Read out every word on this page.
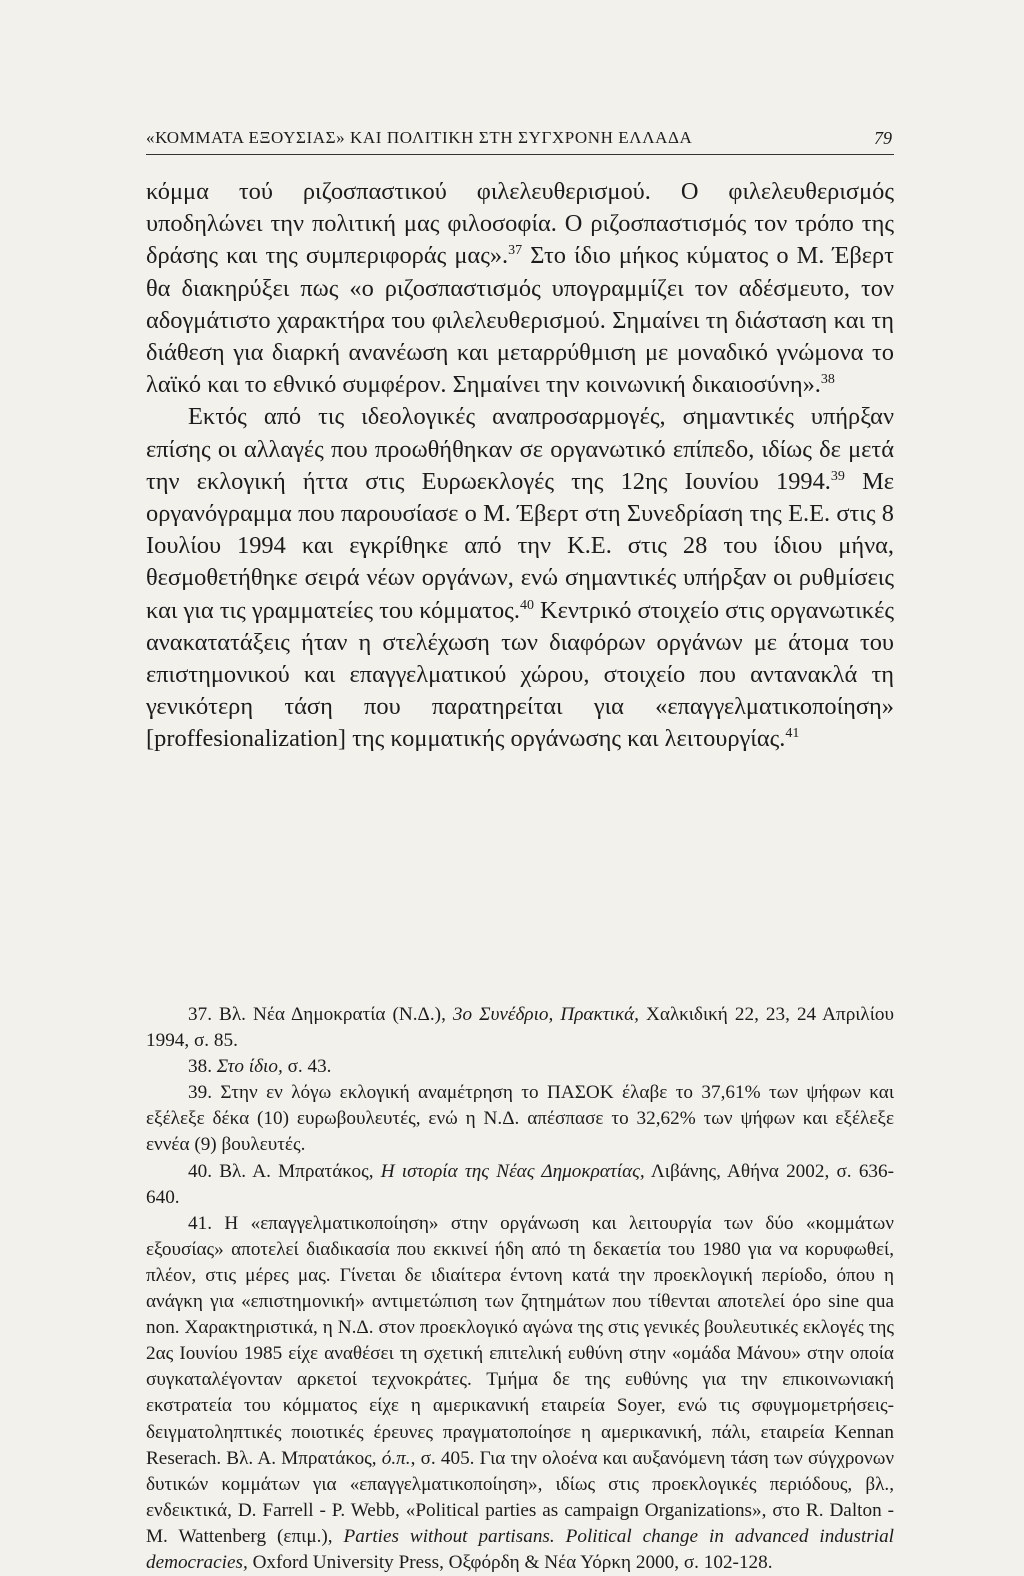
«ΚΟΜΜΑΤΑ ΕΞΟΥΣΙΑΣ» ΚΑΙ ΠΟΛΙΤΙΚΗ ΣΤΗ ΣΥΓΧΡΟΝΗ ΕΛΛΑΔΑ	79

κόμμα τού ριζοσπαστικού φιλελευθερισμού. Ο φιλελευθερισμός υποδηλώνει την πολιτική μας φιλοσοφία. Ο ριζοσπαστισμός τον τρόπο της δράσης και της συμπεριφοράς μας».$^{37}$ Στο ίδιο μήκος κύματος ο Μ. Έβερτ θα διακηρύξει πως «ο ριζοσπαστισμός υπογραμμίζει τον αδέσμευτο, τον αδογμάτιστο χαρακτήρα του φιλελευθερισμού. Σημαίνει τη διάσταση και τη διάθεση για διαρκή ανανέωση και μεταρρύθμιση με μοναδικό γνώμονα το λαϊκό και το εθνικό συμφέρον. Σημαίνει την κοινωνική δικαιοσύνη».$^{38}$

Εκτός από τις ιδεολογικές αναπροσαρμογές, σημαντικές υπήρξαν επίσης οι αλλαγές που προωθήθηκαν σε οργανωτικό επίπεδο, ιδίως δε μετά την εκλογική ήττα στις Ευρωεκλογές της 12ης Ιουνίου 1994.39 Με οργανόγραμμα που παρουσίασε ο Μ. Έβερτ στη Συνεδρίαση της Ε.Ε. στις 8 Ιουλίου 1994 και εγκρίθηκε από την Κ.Ε. στις 28 του ίδιου μήνα, θεσμοθετήθηκε σειρά νέων οργάνων, ενώ σημαντικές υπήρξαν οι ρυθμίσεις και για τις γραμματείες του κόμματος.$^{40}$ Κεντρικό στοιχείο στις οργανωτικές ανακατατάξεις ήταν η στελέχωση των διαφόρων οργάνων με άτομα του επιστημονικού και επαγγελματικού χώρου, στοιχείο που αντανακλά τη γενικότερη τάση που παρατηρείται για «επαγγελματικοποίηση» [proffesionalization] της κομματικής οργάνωσης και λειτουργίας.$^{41}$

37. Βλ. Νέα Δημοκρατία (Ν.Δ.), 3ο Συνέδριο, Πρακτικά, Χαλκιδική 22, 23, 24 Απριλίου 1994, σ. 85.

38. Στο ίδιο, σ. 43.

39. Στην εν λόγω εκλογική αναμέτρηση το ΠΑΣΟΚ έλαβε το 37,61% των ψήφων και εξέλεξε δέκα (10) ευρωβουλευτές, ενώ η Ν.Δ. απέσπασε το 32,62% των ψήφων και εξέλεξε εννέα (9) βουλευτές.

40. Βλ. Α. Μπρατάκος, Η ιστορία της Νέας Δημοκρατίας, Λιβάνης, Αθήνα 2002, σ. 636-640.

41. Η «επαγγελματικοποίηση» στην οργάνωση και λειτουργία των δύο «κομμάτων εξουσίας» αποτελεί διαδικασία που εκκινεί ήδη από τη δεκαετία του 1980 για να κορυφωθεί, πλέον, στις μέρες μας. Γίνεται δε ιδιαίτερα έντονη κατά την προεκλογική περίοδο, όπου η ανάγκη για «επιστημονική» αντιμετώπιση των ζητημάτων που τίθενται αποτελεί όρο sine qua non. Χαρακτηριστικά, η Ν.Δ. στον προεκλογικό αγώνα της στις γενικές βουλευτικές εκλογές της 2ας Ιουνίου 1985 είχε αναθέσει τη σχετική επιτελική ευθύνη στην «ομάδα Μάνου» στην οποία συγκαταλέγονταν αρκετοί τεχνοκράτες. Τμήμα δε της ευθύνης για την επικοινωνιακή εκστρατεία του κόμματος είχε η αμερικανική εταιρεία Soyer, ενώ τις σφυγμομετρήσεις-δειγματοληπτικές ποιοτικές έρευνες πραγματοποίησε η αμερικανική, πάλι, εταιρεία Kennan Reserach. Βλ. Α. Μπρατάκος, ό.π., σ. 405. Για την ολοένα και αυξανόμενη τάση των σύγχρονων δυτικών κομμάτων για «επαγγελματικοποίηση», ιδίως στις προεκλογικές περιόδους, βλ., ενδεικτικά, D. Farrell - P. Webb, «Political parties as campaign Organizations», στο R. Dalton - M. Wattenberg (επιμ.), Parties without partisans. Political change in advanced industrial democracies, Oxford University Press, Οξφόρδη & Νέα Υόρκη 2000, σ. 102-128.
